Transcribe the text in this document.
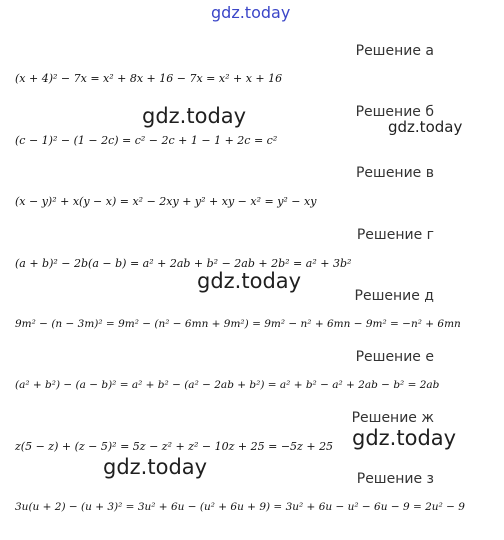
gdz.today
Решение а
(x + 4)² − 7x = x² + 8x + 16 − 7x = x² + x + 16
Решение б
(c − 1)² − (1 − 2c) = c² − 2c + 1 − 1 + 2c = c²
Решение в
(x − y)² + x(y − x) = x² − 2xy + y² + xy − x² = y² − xy
Решение г
(a + b)² − 2b(a − b) = a² + 2ab + b² − 2ab + 2b² = a² + 3b²
Решение д
9m² − (n − 3m)² = 9m² − (n² − 6mn + 9m²) = 9m² − n² + 6mn − 9m² = −n² + 6mn
Решение е
(a² + b²) − (a − b)² = a² + b² − (a² − 2ab + b²) = a² + b² − a² + 2ab − b² = 2ab
Решение ж
z(5 − z) + (z − 5)² = 5z − z² + z² − 10z + 25 = −5z + 25
Решение з
3u(u + 2) − (u + 3)² = 3u² + 6u − (u² + 6u + 9) = 3u² + 6u − u² − 6u − 9 = 2u² − 9
gdz.today	gdz.today
gdz.today
gdz.today
gdz.today
